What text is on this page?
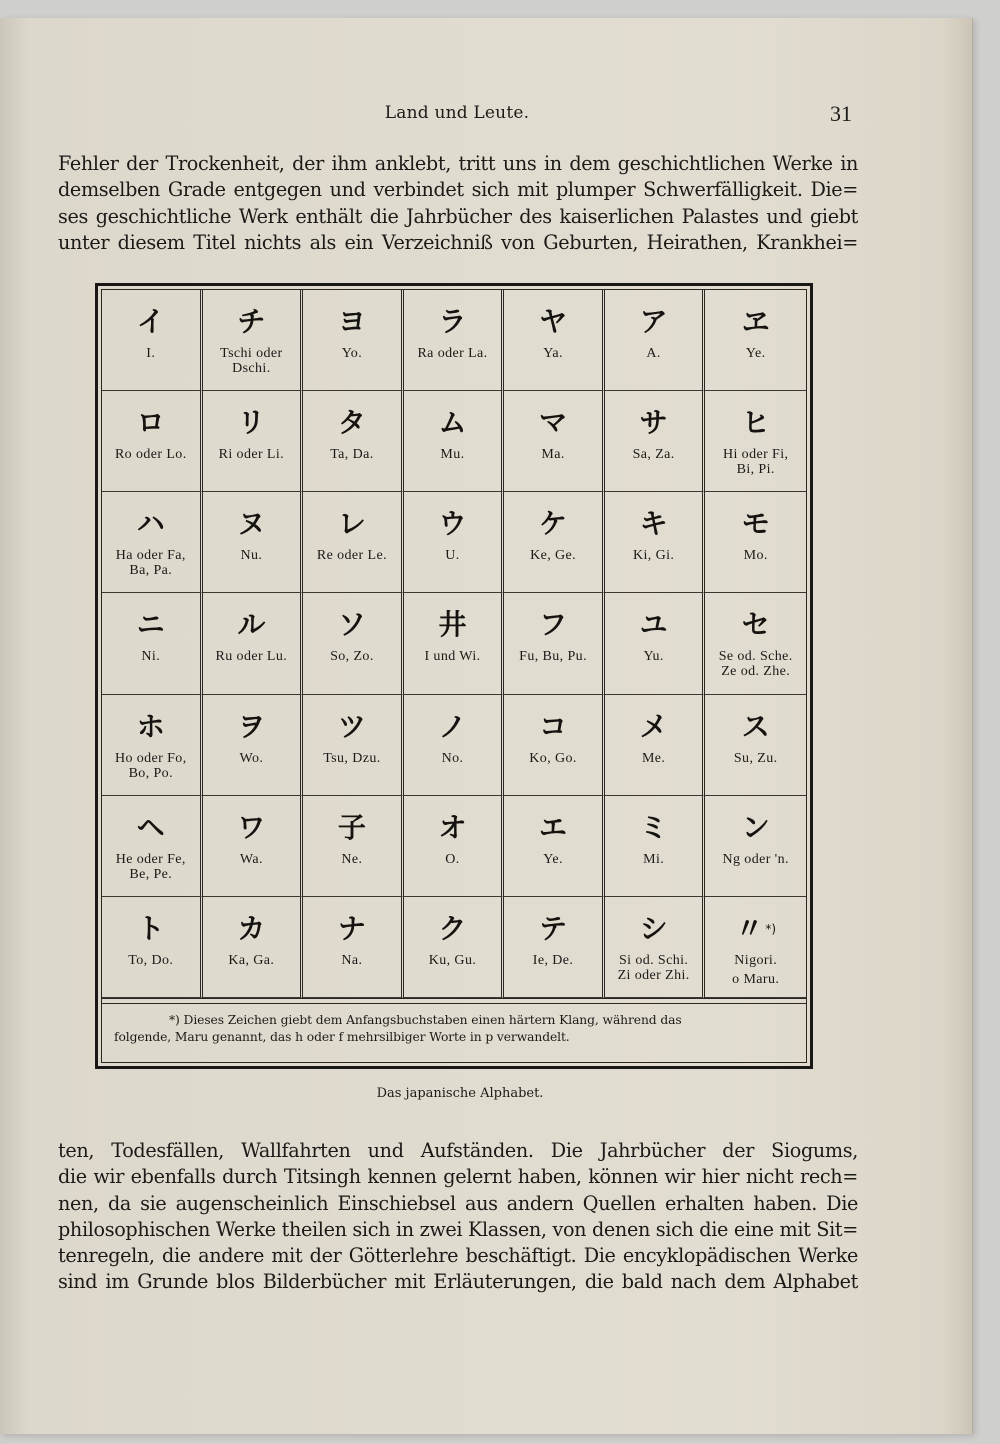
Land und Leute.	31
Fehler der Trockenheit, der ihm anklebt, tritt uns in dem geschichtlichen Werke in
demselben Grade entgegen und verbindet sich mit plumper Schwerfälligkeit. Die=
ses geschichtliche Werk enthält die Jahrbücher des kaiserlichen Palastes und giebt
unter diesem Titel nichts als ein Verzeichniß von Geburten, Heirathen, Krankhei=
イ
I.
チ
Tschi oder
Dschi.
ヨ
Yo.
ラ
Ra oder La.
ヤ
Ya.
ア
A.
ヱ
Ye.
ロ
Ro oder Lo.
リ
Ri oder Li.
タ
Ta, Da.
ム
Mu.
マ
Ma.
サ
Sa, Za.
ヒ
Hi oder Fi,
Bi, Pi.
ハ
Ha oder Fa,
Ba, Pa.
ヌ
Nu.
レ
Re oder Le.
ウ
U.
ケ
Ke, Ge.
キ
Ki, Gi.
モ
Mo.
ニ
Ni.
ル
Ru oder Lu.
ソ
So, Zo.
井
I und Wi.
フ
Fu, Bu, Pu.
ユ
Yu.
セ
Se od. Sche.
Ze od. Zhe.
ホ
Ho oder Fo,
Bo, Po.
ヲ
Wo.
ツ
Tsu, Dzu.
ノ
No.
コ
Ko, Go.
メ
Me.
ス
Su, Zu.
ヘ
He oder Fe,
Be, Pe.
ワ
Wa.
子
Ne.
オ
O.
エ
Ye.
ミ
Mi.
ン
Ng oder 'n.
ト
To, Do.
カ
Ka, Ga.
ナ
Na.
ク
Ku, Gu.
テ
Ie, De.
シ
Si od. Schi.
Zi oder Zhi.
〃 *)
Nigori.
o Maru.
*) Dieses Zeichen giebt dem Anfangsbuchstaben einen härtern Klang, während das
folgende, Maru genannt, das h oder f mehrsilbiger Worte in p verwandelt.
Das japanische Alphabet.
ten, Todesfällen, Wallfahrten und Aufständen. Die Jahrbücher der Siogums,
die wir ebenfalls durch Titsingh kennen gelernt haben, können wir hier nicht rech=
nen, da sie augenscheinlich Einschiebsel aus andern Quellen erhalten haben. Die
philosophischen Werke theilen sich in zwei Klassen, von denen sich die eine mit Sit=
tenregeln, die andere mit der Götterlehre beschäftigt. Die encyklopädischen Werke
sind im Grunde blos Bilderbücher mit Erläuterungen, die bald nach dem Alphabet
